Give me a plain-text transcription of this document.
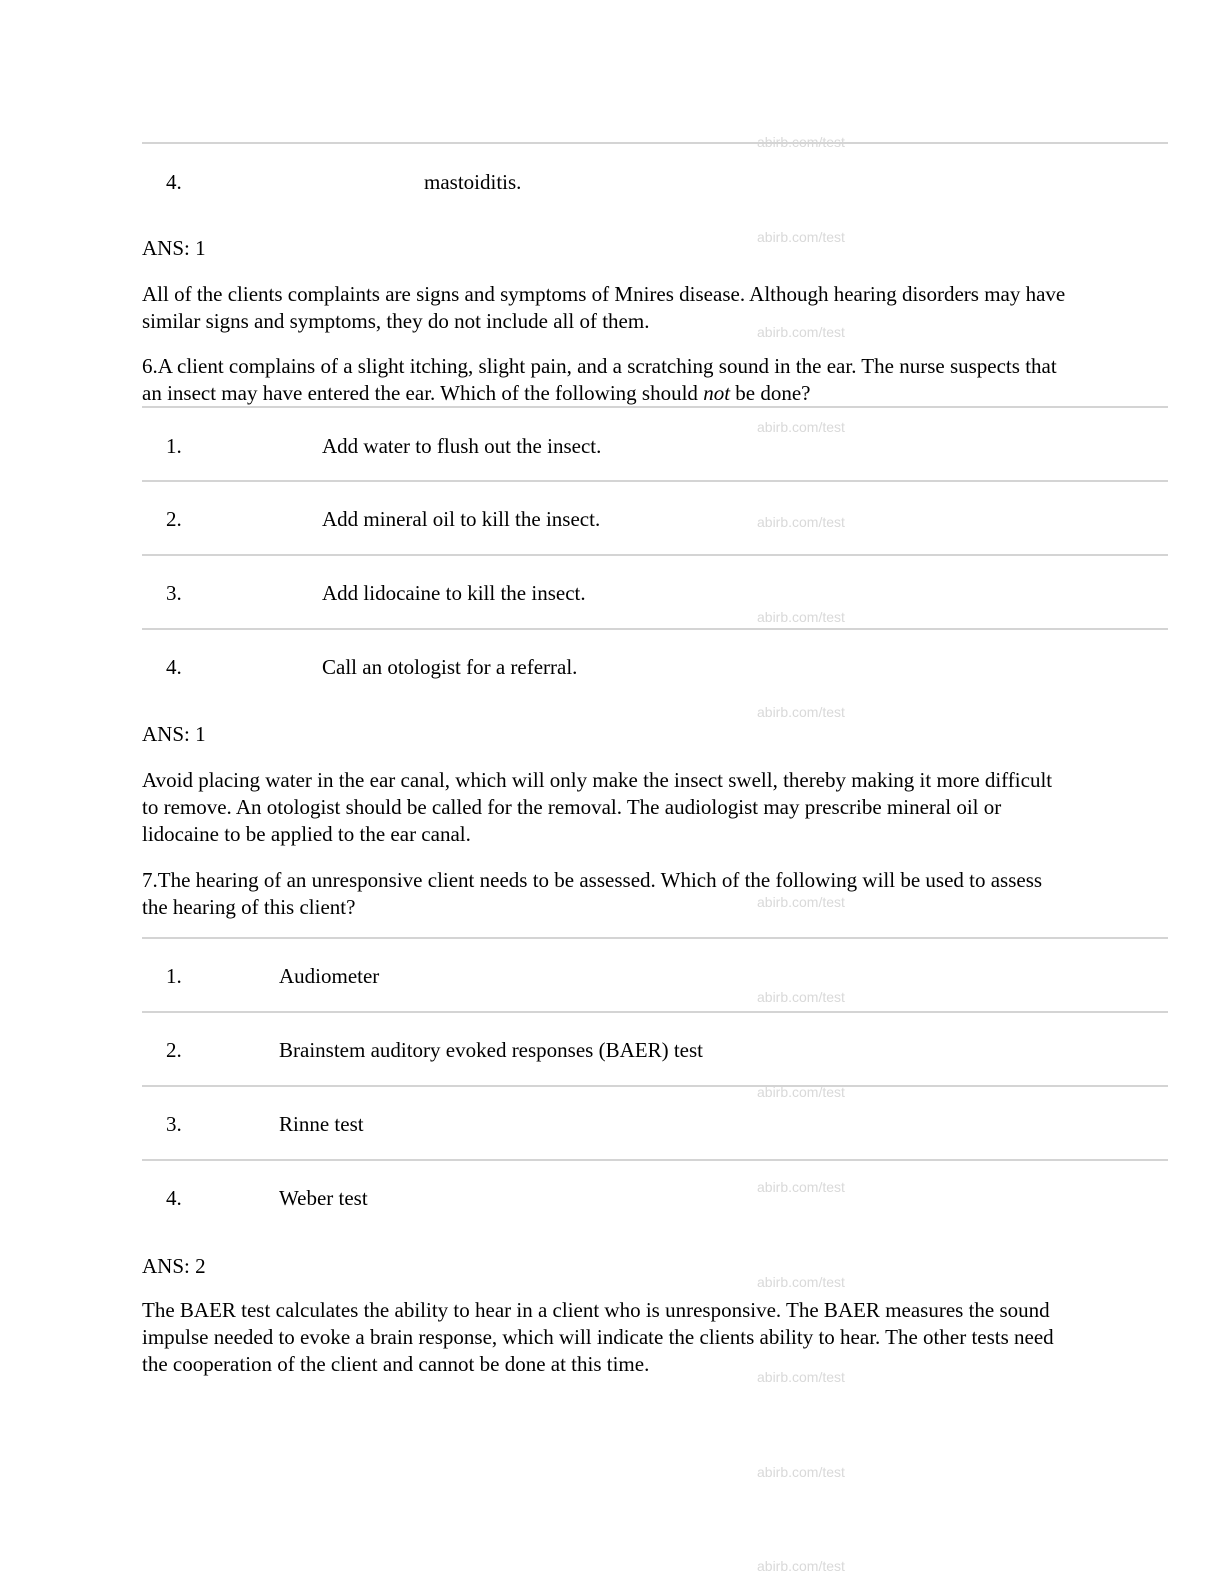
abirb.com/test
abirb.com/test
abirb.com/test
abirb.com/test
abirb.com/test
abirb.com/test
abirb.com/test
abirb.com/test
abirb.com/test
abirb.com/test
abirb.com/test
abirb.com/test
abirb.com/test
abirb.com/test
abirb.com/test
4.	mastoiditis.
ANS: 1
All of the clients complaints are signs and symptoms of Mnires disease. Although hearing disorders may have similar signs and symptoms, they do not include all of them.
6.A client complains of a slight itching, slight pain, and a scratching sound in the ear. The nurse suspects that an insect may have entered the ear. Which of the following should not be done?
1.	Add water to flush out the insect.
2.	Add mineral oil to kill the insect.
3.	Add lidocaine to kill the insect.
4.	Call an otologist for a referral.
ANS: 1
Avoid placing water in the ear canal, which will only make the insect swell, thereby making it more difficult to remove. An otologist should be called for the removal. The audiologist may prescribe mineral oil or lidocaine to be applied to the ear canal.
7.The hearing of an unresponsive client needs to be assessed. Which of the following will be used to assess the hearing of this client?
1.	Audiometer
2.	Brainstem auditory evoked responses (BAER) test
3.	Rinne test
4.	Weber test
ANS: 2
The BAER test calculates the ability to hear in a client who is unresponsive. The BAER measures the sound impulse needed to evoke a brain response, which will indicate the clients ability to hear. The other tests need the cooperation of the client and cannot be done at this time.
